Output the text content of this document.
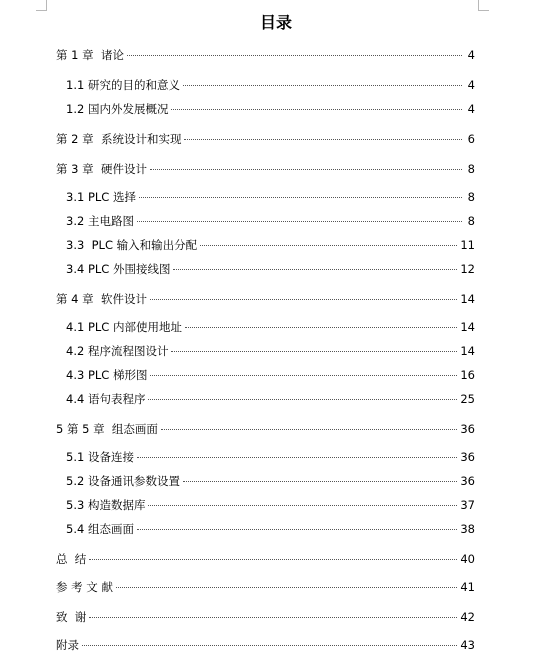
目录
第 1 章  诸论	4
1.1 研究的目的和意义	4
1.2 国内外发展概况	4
第 2 章  系统设计和实现	6
第 3 章  硬件设计	8
3.1 PLC 选择	8
3.2 主电路图	8
3.3  PLC 输入和输出分配	11
3.4 PLC 外围接线图	12
第 4 章  软件设计	14
4.1 PLC 内部使用地址	14
4.2 程序流程图设计	14
4.3 PLC 梯形图	16
4.4 语句表程序	25
5 第 5 章  组态画面	36
5.1 设备连接	36
5.2 设备通讯参数设置	36
5.3 构造数据库	37
5.4 组态画面	38
总  结	40
参 考 文 献	41
致  谢	42
附录	43
